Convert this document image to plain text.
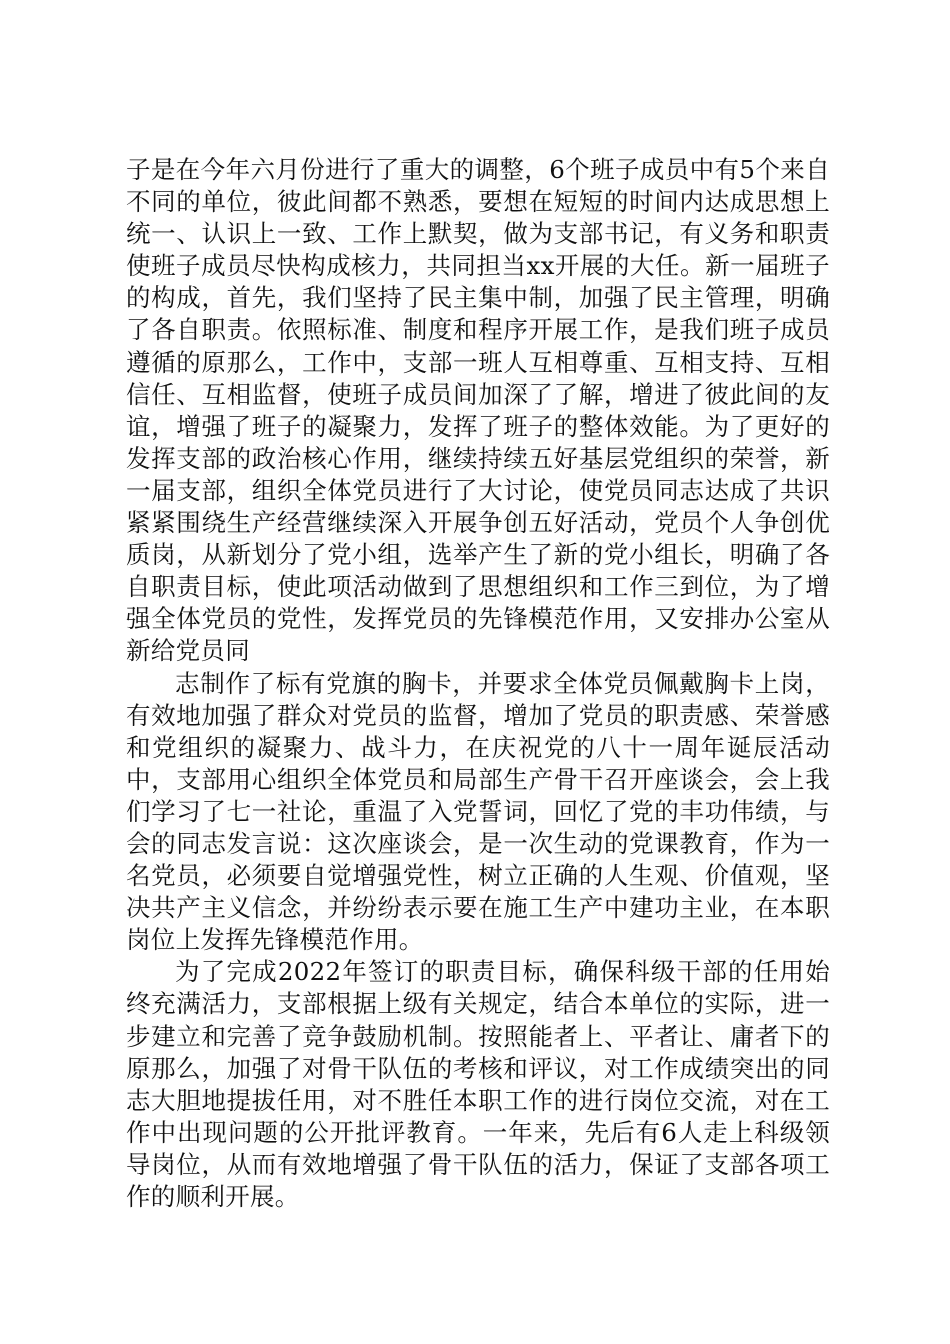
子是在今年六月份进行了重大的调整，6个班子成员中有5个来自不同的单位，彼此间都不熟悉，要想在短短的时间内达成思想上统一、认识上一致、工作上默契，做为支部书记，有义务和职责使班子成员尽快构成核力，共同担当xx开展的大任。新一届班子的构成，首先，我们坚持了民主集中制，加强了民主管理，明确了各自职责。依照标准、制度和程序开展工作，是我们班子成员遵循的原那么，工作中，支部一班人互相尊重、互相支持、互相信任、互相监督，使班子成员间加深了了解，增进了彼此间的友谊，增强了班子的凝聚力，发挥了班子的整体效能。为了更好的发挥支部的政治核心作用，继续持续五好基层党组织的荣誉，新一届支部，组织全体党员进行了大讨论，使党员同志达成了共识紧紧围绕生产经营继续深入开展争创五好活动，党员个人争创优质岗，从新划分了党小组，选举产生了新的党小组长，明确了各自职责目标，使此项活动做到了思想组织和工作三到位，为了增强全体党员的党性，发挥党员的先锋模范作用，又安排办公室从新给党员同

志制作了标有党旗的胸卡，并要求全体党员佩戴胸卡上岗，有效地加强了群众对党员的监督，增加了党员的职责感、荣誉感和党组织的凝聚力、战斗力，在庆祝党的八十一周年诞辰活动中，支部用心组织全体党员和局部生产骨干召开座谈会，会上我们学习了七一社论，重温了入党誓词，回忆了党的丰功伟绩，与会的同志发言说：这次座谈会，是一次生动的党课教育，作为一名党员，必须要自觉增强党性，树立正确的人生观、价值观，坚决共产主义信念，并纷纷表示要在施工生产中建功主业，在本职岗位上发挥先锋模范作用。

为了完成2022年签订的职责目标，确保科级干部的任用始终充满活力，支部根据上级有关规定，结合本单位的实际，进一步建立和完善了竞争鼓励机制。按照能者上、平者让、庸者下的原那么，加强了对骨干队伍的考核和评议，对工作成绩突出的同志大胆地提拔任用，对不胜任本职工作的进行岗位交流，对在工作中出现问题的公开批评教育。一年来，先后有6人走上科级领导岗位，从而有效地增强了骨干队伍的活力，保证了支部各项工作的顺利开展。
